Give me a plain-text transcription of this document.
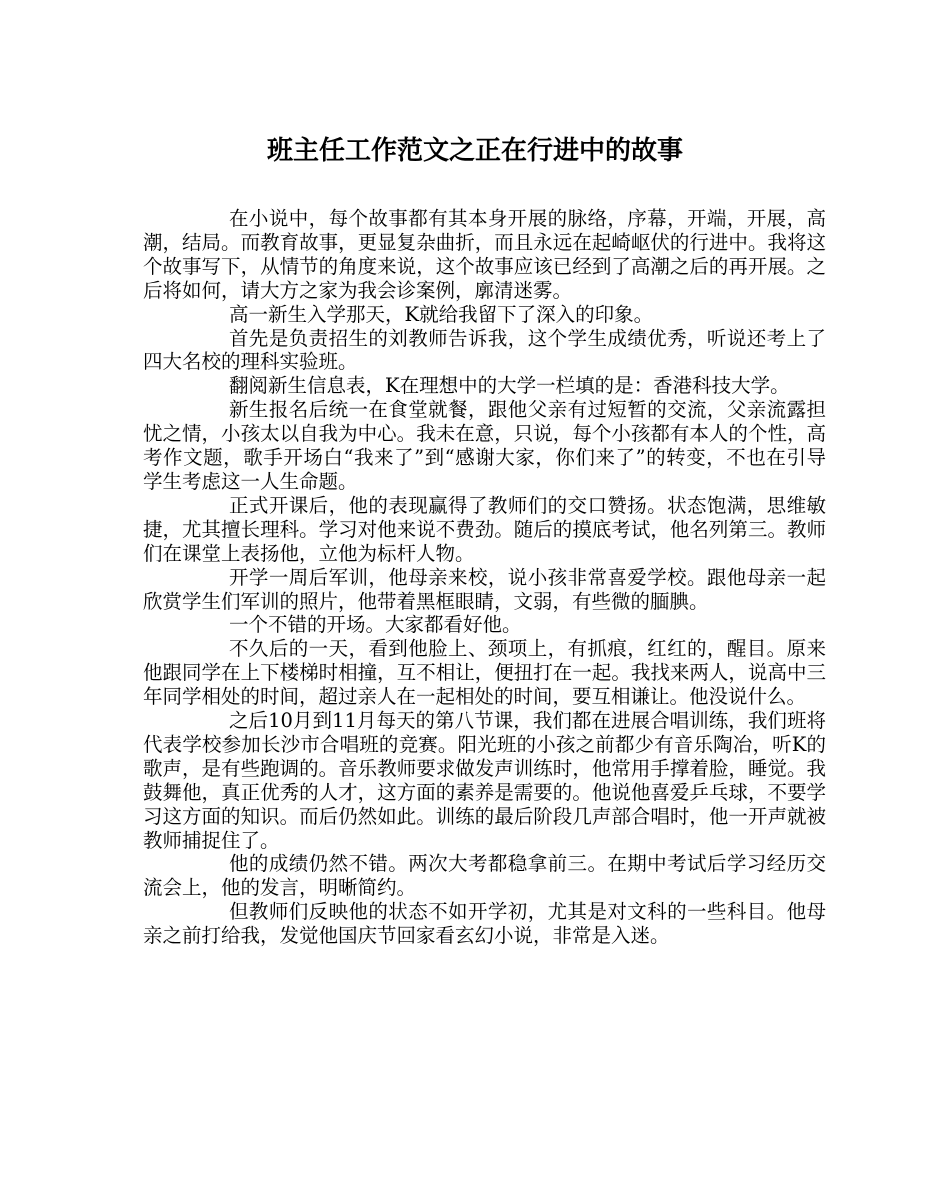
班主任工作范文之正在行进中的故事

在小说中，每个故事都有其本身开展的脉络，序幕，开端，开展，高潮，结局。而教育故事，更显复杂曲折，而且永远在起崎岖伏的行进中。我将这个故事写下，从情节的角度来说，这个故事应该已经到了高潮之后的再开展。之后将如何，请大方之家为我会诊案例，廓清迷雾。

高一新生入学那天，K就给我留下了深入的印象。

首先是负责招生的刘教师告诉我，这个学生成绩优秀，听说还考上了四大名校的理科实验班。

翻阅新生信息表，K在理想中的大学一栏填的是：香港科技大学。

新生报名后统一在食堂就餐，跟他父亲有过短暂的交流，父亲流露担忧之情，小孩太以自我为中心。我未在意，只说，每个小孩都有本人的个性，高考作文题，歌手开场白“我来了”到“感谢大家，你们来了”的转变，不也在引导学生考虑这一人生命题。

正式开课后，他的表现赢得了教师们的交口赞扬。状态饱满，思维敏捷，尤其擅长理科。学习对他来说不费劲。随后的摸底考试，他名列第三。教师们在课堂上表扬他，立他为标杆人物。

开学一周后军训，他母亲来校，说小孩非常喜爱学校。跟他母亲一起欣赏学生们军训的照片，他带着黑框眼睛，文弱，有些微的腼腆。

一个不错的开场。大家都看好他。

不久后的一天，看到他脸上、颈项上，有抓痕，红红的，醒目。原来他跟同学在上下楼梯时相撞，互不相让，便扭打在一起。我找来两人，说高中三年同学相处的时间，超过亲人在一起相处的时间，要互相谦让。他没说什么。

之后10月到11月每天的第八节课，我们都在进展合唱训练，我们班将代表学校参加长沙市合唱班的竞赛。阳光班的小孩之前都少有音乐陶冶，听K的歌声，是有些跑调的。音乐教师要求做发声训练时，他常用手撑着脸，睡觉。我鼓舞他，真正优秀的人才，这方面的素养是需要的。他说他喜爱乒乓球，不要学习这方面的知识。而后仍然如此。训练的最后阶段几声部合唱时，他一开声就被教师捕捉住了。

他的成绩仍然不错。两次大考都稳拿前三。在期中考试后学习经历交流会上，他的发言，明晰简约。

但教师们反映他的状态不如开学初，尤其是对文科的一些科目。他母亲之前打给我，发觉他国庆节回家看玄幻小说，非常是入迷。
